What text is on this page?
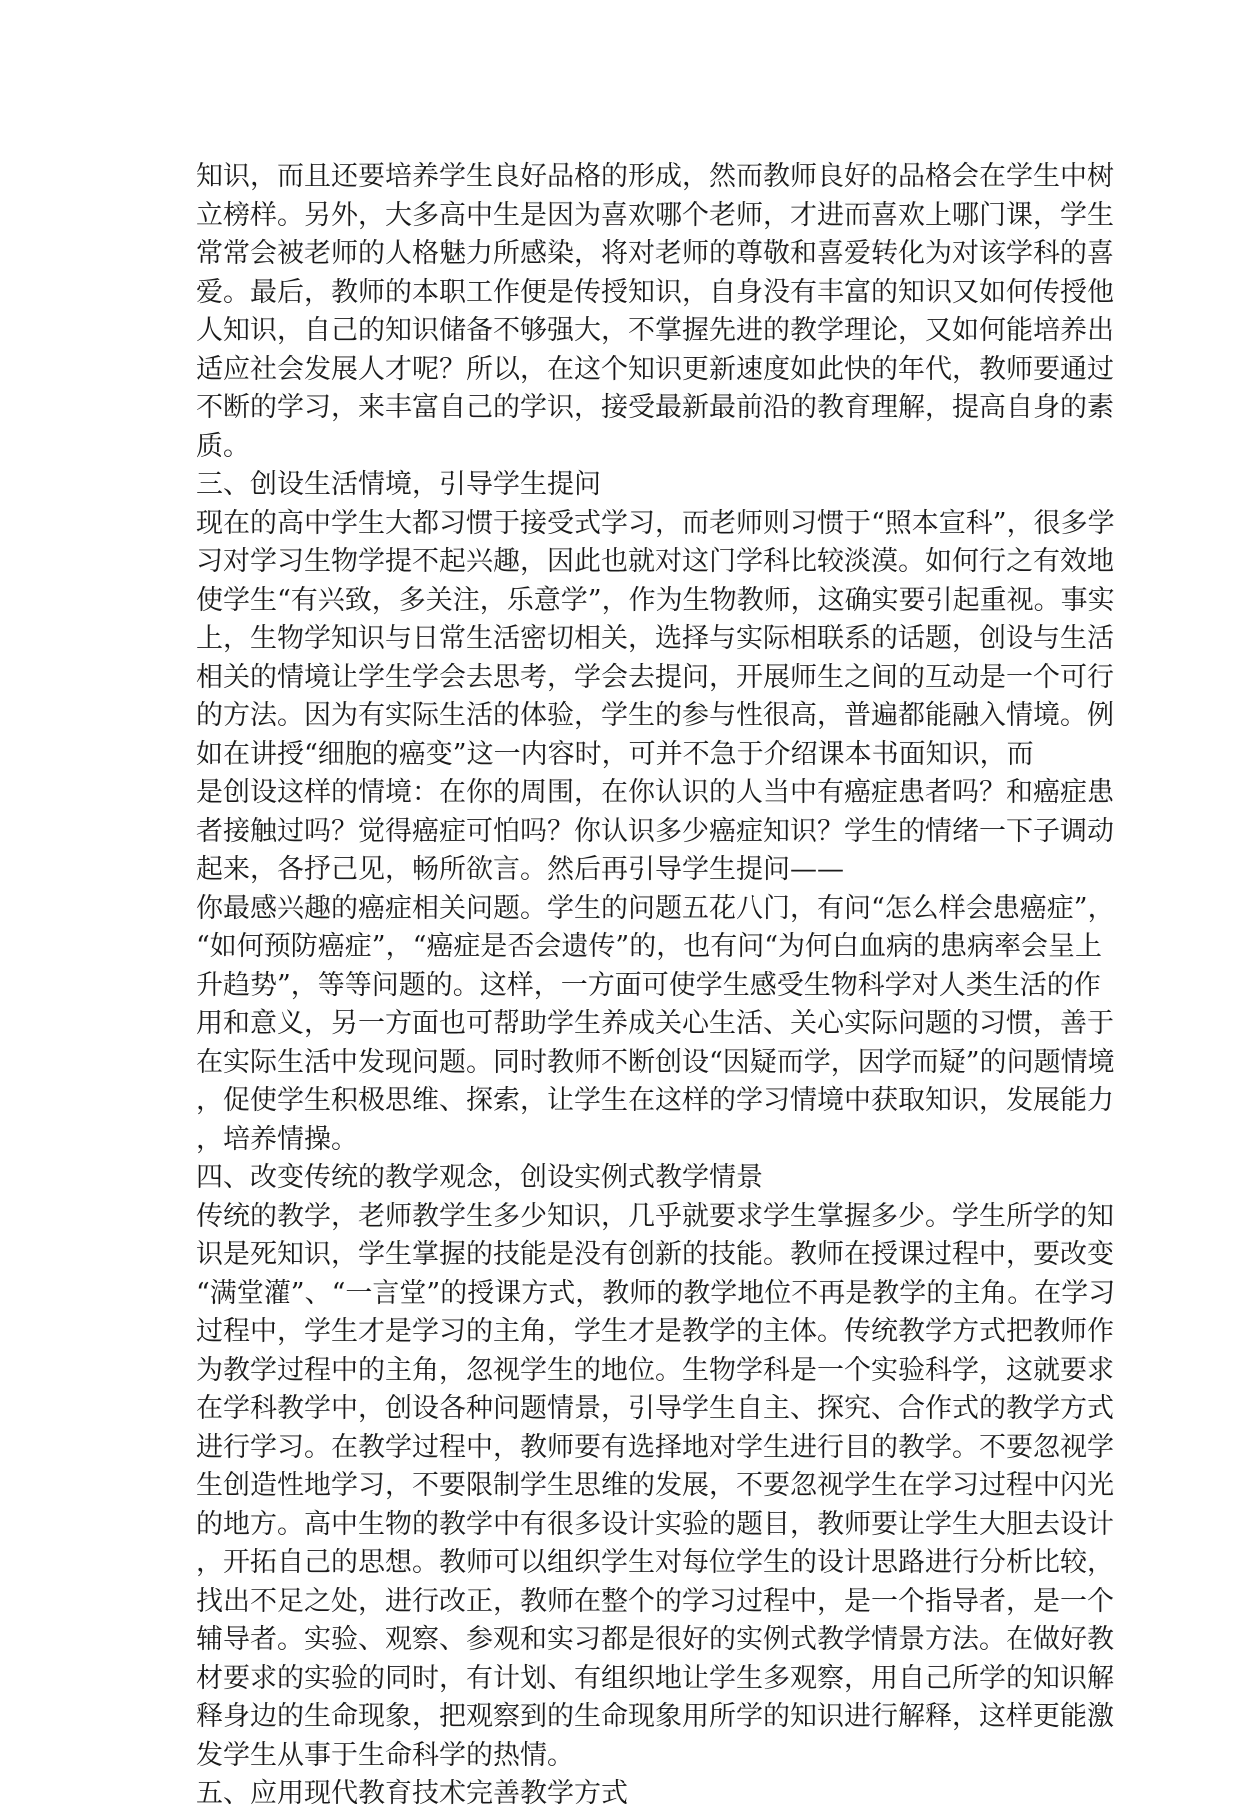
知识，而且还要培养学生良好品格的形成，然而教师良好的品格会在学生中树
立榜样。另外，大多高中生是因为喜欢哪个老师，才进而喜欢上哪门课，学生
常常会被老师的人格魅力所感染，将对老师的尊敬和喜爱转化为对该学科的喜
爱。最后，教师的本职工作便是传授知识，自身没有丰富的知识又如何传授他
人知识，自己的知识储备不够强大，不掌握先进的教学理论，又如何能培养出
适应社会发展人才呢？所以，在这个知识更新速度如此快的年代，教师要通过
不断的学习，来丰富自己的学识，接受最新最前沿的教育理解，提高自身的素
质。
三、创设生活情境，引导学生提问
现在的高中学生大都习惯于接受式学习，而老师则习惯于“照本宣科”，很多学
习对学习生物学提不起兴趣，因此也就对这门学科比较淡漠。如何行之有效地
使学生“有兴致，多关注，乐意学”，作为生物教师，这确实要引起重视。事实
上，生物学知识与日常生活密切相关，选择与实际相联系的话题，创设与生活
相关的情境让学生学会去思考，学会去提问，开展师生之间的互动是一个可行
的方法。因为有实际生活的体验，学生的参与性很高，普遍都能融入情境。例
如在讲授“细胞的癌变”这一内容时，可并不急于介绍课本书面知识，而
是创设这样的情境：在你的周围，在你认识的人当中有癌症患者吗？和癌症患
者接触过吗？觉得癌症可怕吗？你认识多少癌症知识？学生的情绪一下子调动
起来，各抒己见，畅所欲言。然后再引导学生提问——
你最感兴趣的癌症相关问题。学生的问题五花八门，有问“怎么样会患癌症”，
“如何预防癌症”，“癌症是否会遗传”的，也有问“为何白血病的患病率会呈上
升趋势”，等等问题的。这样，一方面可使学生感受生物科学对人类生活的作
用和意义，另一方面也可帮助学生养成关心生活、关心实际问题的习惯，善于
在实际生活中发现问题。同时教师不断创设“因疑而学，因学而疑”的问题情境
，促使学生积极思维、探索，让学生在这样的学习情境中获取知识，发展能力
，培养情操。
四、改变传统的教学观念，创设实例式教学情景
传统的教学，老师教学生多少知识，几乎就要求学生掌握多少。学生所学的知
识是死知识，学生掌握的技能是没有创新的技能。教师在授课过程中，要改变
“满堂灌”、“一言堂”的授课方式，教师的教学地位不再是教学的主角。在学习
过程中，学生才是学习的主角，学生才是教学的主体。传统教学方式把教师作
为教学过程中的主角，忽视学生的地位。生物学科是一个实验科学，这就要求
在学科教学中，创设各种问题情景，引导学生自主、探究、合作式的教学方式
进行学习。在教学过程中，教师要有选择地对学生进行目的教学。不要忽视学
生创造性地学习，不要限制学生思维的发展，不要忽视学生在学习过程中闪光
的地方。高中生物的教学中有很多设计实验的题目，教师要让学生大胆去设计
，开拓自己的思想。教师可以组织学生对每位学生的设计思路进行分析比较，
找出不足之处，进行改正，教师在整个的学习过程中，是一个指导者，是一个
辅导者。实验、观察、参观和实习都是很好的实例式教学情景方法。在做好教
材要求的实验的同时，有计划、有组织地让学生多观察，用自己所学的知识解
释身边的生命现象，把观察到的生命现象用所学的知识进行解释，这样更能激
发学生从事于生命科学的热情。
五、应用现代教育技术完善教学方式
